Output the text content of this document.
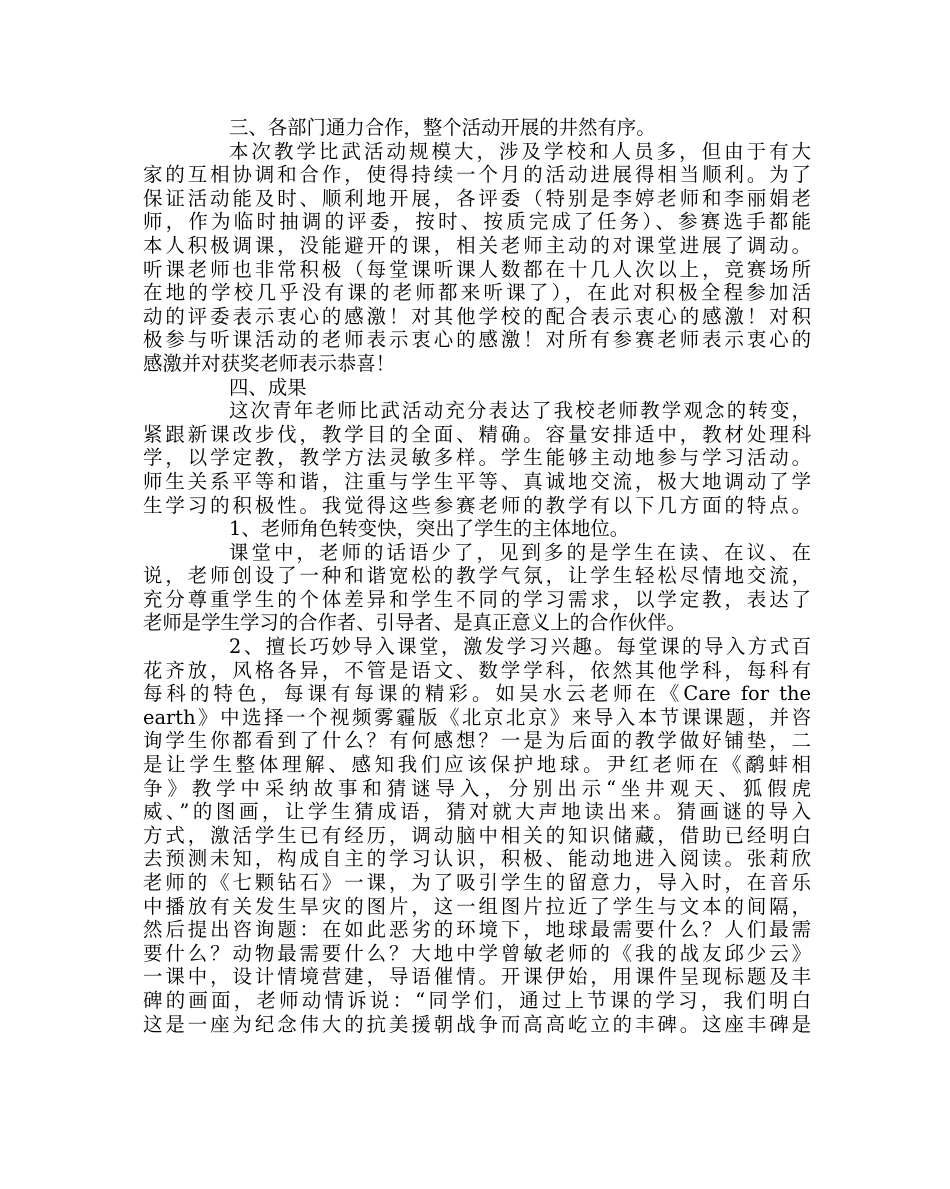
三、各部门通力合作，整个活动开展的井然有序。
本次教学比武活动规模大，涉及学校和人员多，但由于有大
家的互相协调和合作，使得持续一个月的活动进展得相当顺利。为了
保证活动能及时、顺利地开展，各评委（特别是李婷老师和李丽娟老
师，作为临时抽调的评委，按时、按质完成了任务）、参赛选手都能
本人积极调课，没能避开的课，相关老师主动的对课堂进展了调动。
听课老师也非常积极（每堂课听课人数都在十几人次以上，竞赛场所
在地的学校几乎没有课的老师都来听课了），在此对积极全程参加活
动的评委表示衷心的感激！对其他学校的配合表示衷心的感激！对积
极参与听课活动的老师表示衷心的感激！对所有参赛老师表示衷心的
感激并对获奖老师表示恭喜！
四、成果
这次青年老师比武活动充分表达了我校老师教学观念的转变，
紧跟新课改步伐，教学目的全面、精确。容量安排适中，教材处理科
学，以学定教，教学方法灵敏多样。学生能够主动地参与学习活动。
师生关系平等和谐，注重与学生平等、真诚地交流，极大地调动了学
生学习的积极性。我觉得这些参赛老师的教学有以下几方面的特点。
1、老师角色转变快，突出了学生的主体地位。
课堂中，老师的话语少了，见到多的是学生在读、在议、在
说，老师创设了一种和谐宽松的教学气氛，让学生轻松尽情地交流，
充分尊重学生的个体差异和学生不同的学习需求，以学定教，表达了
老师是学生学习的合作者、引导者、是真正意义上的合作伙伴。
2、擅长巧妙导入课堂，激发学习兴趣。每堂课的导入方式百
花齐放，风格各异，不管是语文、数学学科，依然其他学科，每科有
每科的特色，每课有每课的精彩。如吴水云老师在《Care for the
earth》中选择一个视频雾霾版《北京北京》来导入本节课课题，并咨
询学生你都看到了什么？有何感想？一是为后面的教学做好铺垫，二
是让学生整体理解、感知我们应该保护地球。尹红老师在《鹬蚌相
争》教学中采纳故事和猜谜导入，分别出示“坐井观天、狐假虎
威、”的图画，让学生猜成语，猜对就大声地读出来。猜画谜的导入
方式，激活学生已有经历，调动脑中相关的知识储藏，借助已经明白
去预测未知，构成自主的学习认识，积极、能动地进入阅读。张莉欣
老师的《七颗钻石》一课，为了吸引学生的留意力，导入时，在音乐
中播放有关发生旱灾的图片，这一组图片拉近了学生与文本的间隔，
然后提出咨询题：在如此恶劣的环境下，地球最需要什么？人们最需
要什么？动物最需要什么？大地中学曾敏老师的《我的战友邱少云》
一课中，设计情境营建，导语催情。开课伊始，用课件呈现标题及丰
碑的画面，老师动情诉说：“同学们，通过上节课的学习，我们明白
这是一座为纪念伟大的抗美援朝战争而高高屹立的丰碑。这座丰碑是
